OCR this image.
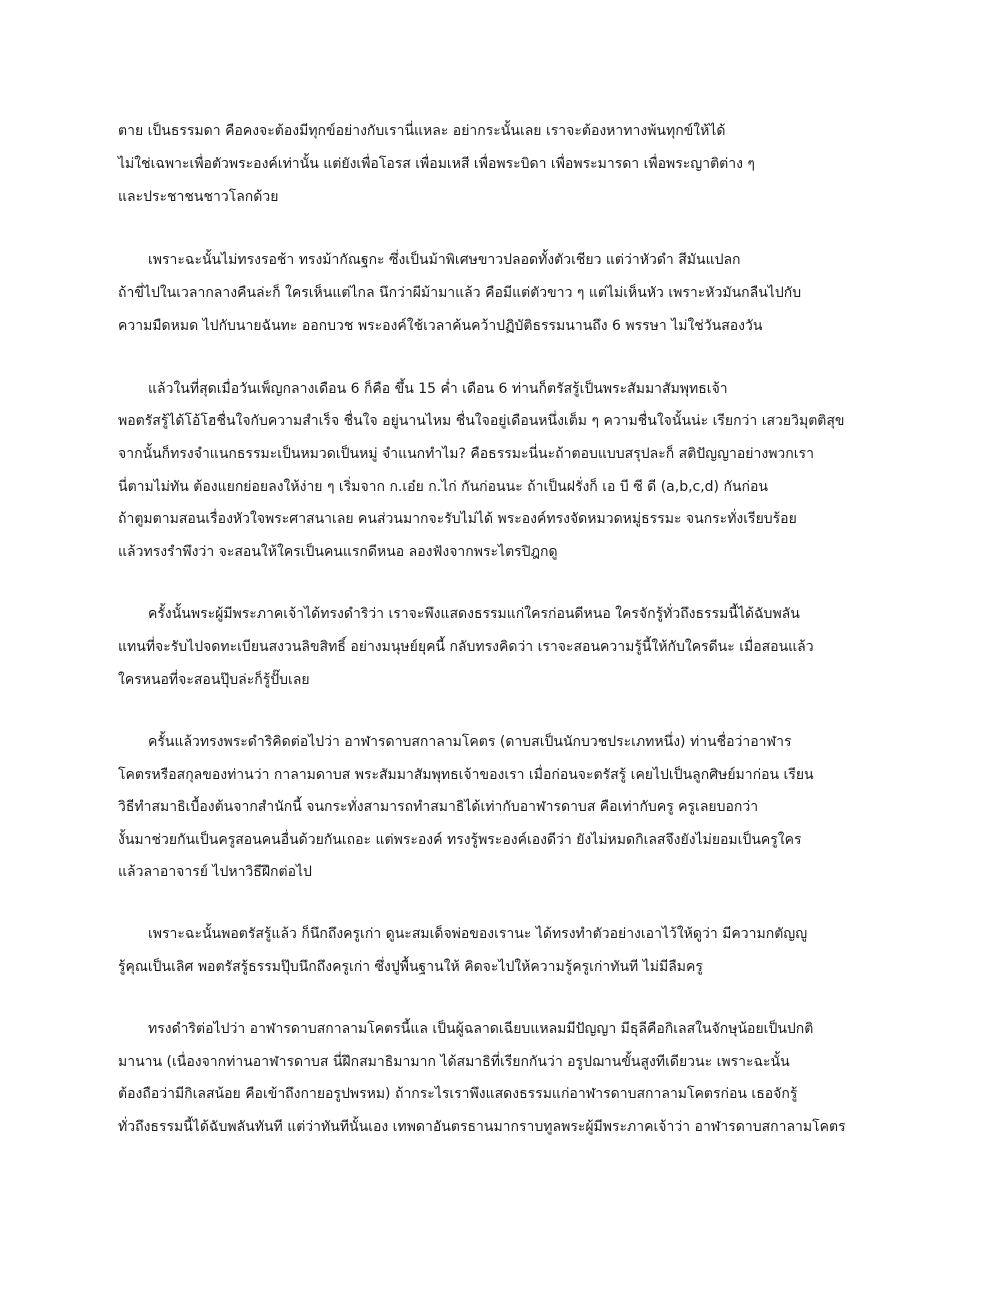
ตาย เป็นธรรมดา คือคงจะต้องมีทุกข์อย่างกับเรานี่แหละ อย่ากระนั้นเลย เราจะต้องหาทางพ้นทุกข์ให้ได้
ไม่ใช่เฉพาะเพื่อตัวพระองค์เท่านั้น แต่ยังเพื่อโอรส เพื่อมเหสี เพื่อพระบิดา เพื่อพระมารดา เพื่อพระญาติต่าง ๆ
และประชาชนชาวโลกด้วย
เพราะฉะนั้นไม่ทรงรอช้า ทรงม้ากัณฐกะ ซึ่งเป็นม้าพิเศษขาวปลอดทั้งตัวเชียว แต่ว่าหัวดำ สีมันแปลก
ถ้าขี่ไปในเวลากลางคืนล่ะก็ ใครเห็นแต่ไกล นึกว่าผีม้ามาแล้ว คือมีแต่ตัวขาว ๆ แต่ไม่เห็นหัว เพราะหัวมันกลืนไปกับ
ความมืดหมด ไปกับนายฉันทะ ออกบวช พระองค์ใช้เวลาค้นคว้าปฏิบัติธรรมนานถึง 6 พรรษา ไม่ใช่วันสองวัน
แล้วในที่สุดเมื่อวันเพ็ญกลางเดือน 6 ก็คือ ขึ้น 15 ค่ำ เดือน 6 ท่านก็ตรัสรู้เป็นพระสัมมาสัมพุทธเจ้า
พอตรัสรู้ได้โอ้โฮชื่นใจกับความสำเร็จ ชื่นใจ อยู่นานไหม ชื่นใจอยู่เดือนหนึ่งเต็ม ๆ ความชื่นใจนั้นน่ะ เรียกว่า เสวยวิมุตติสุข
จากนั้นก็ทรงจำแนกธรรมะเป็นหมวดเป็นหมู่ จำแนกทำไม? คือธรรมะนี่นะถ้าตอบแบบสรุปละก็ สติปัญญาอย่างพวกเรา
นี่ตามไม่ทัน ต้องแยกย่อยลงให้ง่าย ๆ เริ่มจาก ก.เอ๋ย ก.ไก่ กันก่อนนะ ถ้าเป็นฝรั่งก็ เอ บี ซี ดี (a,b,c,d) กันก่อน
ถ้าตูมตามสอนเรื่องหัวใจพระศาสนาเลย คนส่วนมากจะรับไม่ได้ พระองค์ทรงจัดหมวดหมู่ธรรมะ จนกระทั่งเรียบร้อย
แล้วทรงรำพึงว่า จะสอนให้ใครเป็นคนแรกดีหนอ ลองฟังจากพระไตรปิฎกดู
ครั้งนั้นพระผู้มีพระภาคเจ้าได้ทรงดำริว่า เราจะพึงแสดงธรรมแก่ใครก่อนดีหนอ ใครจักรู้ทั่วถึงธรรมนี้ได้ฉับพลัน
แทนที่จะรับไปจดทะเบียนสงวนลิขสิทธิ์ อย่างมนุษย์ยุคนี้ กลับทรงคิดว่า เราจะสอนความรู้นี้ให้กับใครดีนะ เมื่อสอนแล้ว
ใครหนอที่จะสอนปุ๊บล่ะก็รู้ปั๊บเลย
ครั้นแล้วทรงพระดำริคิดต่อไปว่า อาฬารดาบสกาลามโคตร (ดาบสเป็นนักบวชประเภทหนึ่ง) ท่านชื่อว่าอาฬาร
โคตรหรือสกุลของท่านว่า กาลามดาบส พระสัมมาสัมพุทธเจ้าของเรา เมื่อก่อนจะตรัสรู้ เคยไปเป็นลูกศิษย์มาก่อน เรียน
วิธีทำสมาธิเบื้องต้นจากสำนักนี้ จนกระทั่งสามารถทำสมาธิได้เท่ากับอาฬารดาบส คือเท่ากับครู ครูเลยบอกว่า
งั้นมาช่วยกันเป็นครูสอนคนอื่นด้วยกันเถอะ แต่พระองค์ ทรงรู้พระองค์เองดีว่า ยังไม่หมดกิเลสจึงยังไม่ยอมเป็นครูใคร
แล้วลาอาจารย์ ไปหาวิธีฝึกต่อไป
เพราะฉะนั้นพอตรัสรู้แล้ว ก็นึกถึงครูเก่า ดูนะสมเด็จพ่อของเรานะ ได้ทรงทำตัวอย่างเอาไว้ให้ดูว่า มีความกตัญญู
รู้คุณเป็นเลิศ พอตรัสรู้ธรรมปุ๊บนึกถึงครูเก่า ซึ่งปูพื้นฐานให้ คิดจะไปให้ความรู้ครูเก่าทันที ไม่มีลืมครู
ทรงดำริต่อไปว่า อาฬารดาบสกาลามโคตรนี้แล เป็นผู้ฉลาดเฉียบแหลมมีปัญญา มีธุลีคือกิเลสในจักษุน้อยเป็นปกติ
มานาน (เนื่องจากท่านอาฬารดาบส นี่ฝึกสมาธิมามาก ได้สมาธิที่เรียกกันว่า อรูปฌานขั้นสูงทีเดียวนะ เพราะฉะนั้น
ต้องถือว่ามีกิเลสน้อย คือเข้าถึงกายอรูปพรหม) ถ้ากระไรเราพึงแสดงธรรมแก่อาฬารดาบสกาลามโคตรก่อน เธอจักรู้
ทั่วถึงธรรมนี้ได้ฉับพลันทันที แต่ว่าทันทีนั้นเอง เทพดาอันตรธานมากราบทูลพระผู้มีพระภาคเจ้าว่า อาฬารดาบสกาลามโคตร
